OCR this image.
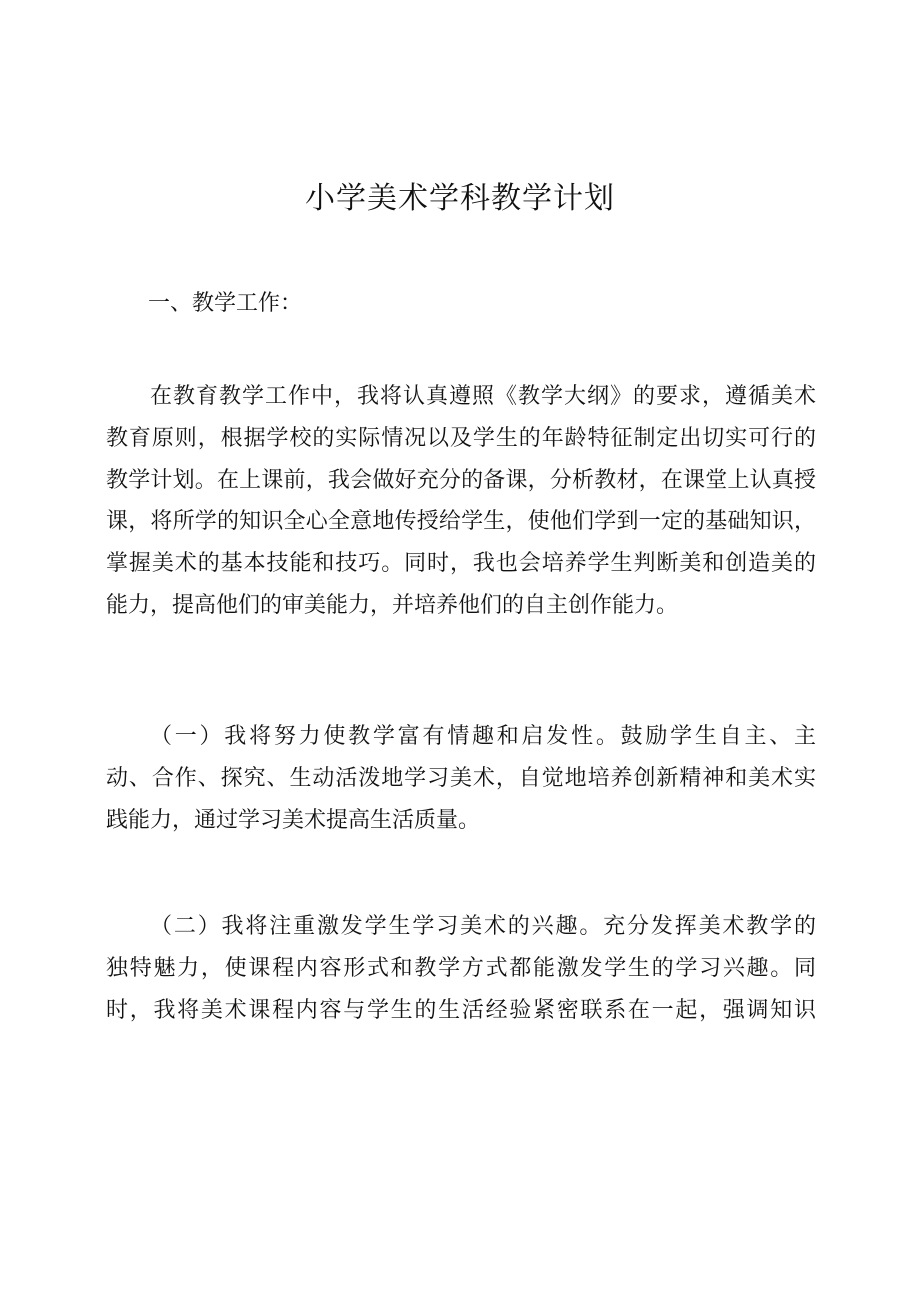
小学美术学科教学计划
一、教学工作：
在教育教学工作中，我将认真遵照《教学大纲》的要求，遵循美术
教育原则，根据学校的实际情况以及学生的年龄特征制定出切实可行的
教学计划。在上课前，我会做好充分的备课，分析教材，在课堂上认真授
课，将所学的知识全心全意地传授给学生，使他们学到一定的基础知识，
掌握美术的基本技能和技巧。同时，我也会培养学生判断美和创造美的
能力，提高他们的审美能力，并培养他们的自主创作能力。
（一）我将努力使教学富有情趣和启发性。鼓励学生自主、主
动、合作、探究、生动活泼地学习美术，自觉地培养创新精神和美术实
践能力，通过学习美术提高生活质量。
（二）我将注重激发学生学习美术的兴趣。充分发挥美术教学的
独特魅力，使课程内容形式和教学方式都能激发学生的学习兴趣。同
时，我将美术课程内容与学生的生活经验紧密联系在一起，强调知识
